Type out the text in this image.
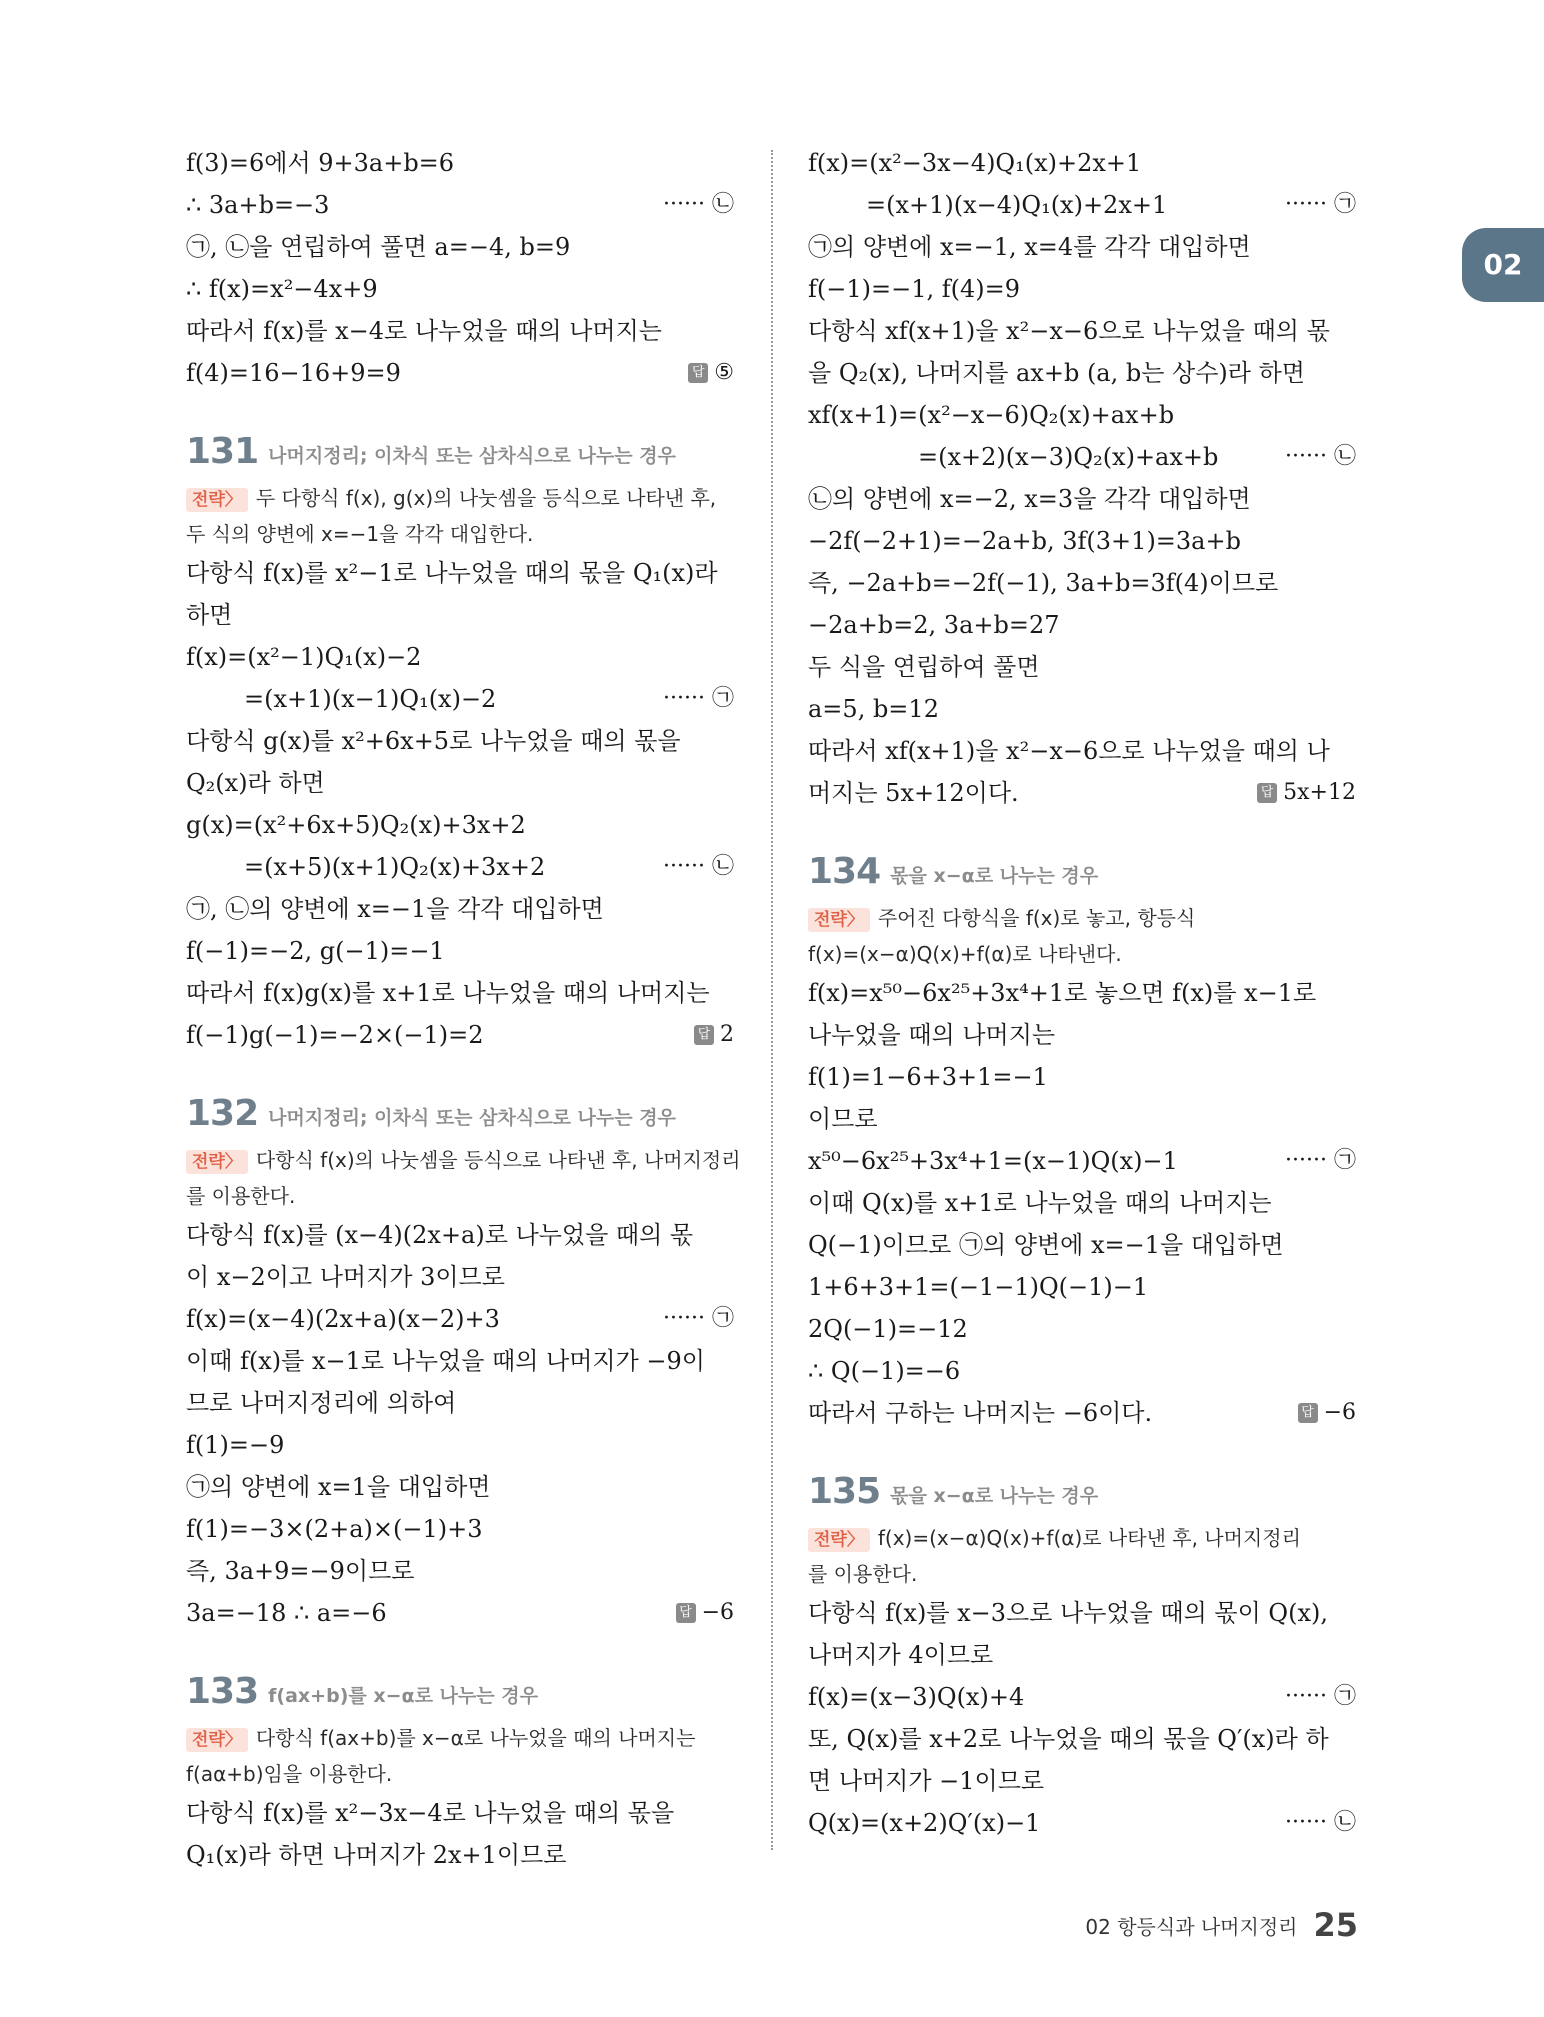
f(3)=6에서 9+3a+b=6
∴ 3a+b=−3	······ ㉡
㉠, ㉡을 연립하여 풀면 a=−4, b=9
∴ f(x)=x²−4x+9
따라서 f(x)를 x−4로 나누었을 때의 나머지는
f(4)=16−16+9=9	답 ⑤
131 나머지정리; 이차식 또는 삼차식으로 나누는 경우
전략〉 두 다항식 f(x), g(x)의 나눗셈을 등식으로 나타낸 후,
두 식의 양변에 x=−1을 각각 대입한다.
다항식 f(x)를 x²−1로 나누었을 때의 몫을 Q₁(x)라
하면
f(x)=(x²−1)Q₁(x)−2
=(x+1)(x−1)Q₁(x)−2	······ ㉠
다항식 g(x)를 x²+6x+5로 나누었을 때의 몫을
Q₂(x)라 하면
g(x)=(x²+6x+5)Q₂(x)+3x+2
=(x+5)(x+1)Q₂(x)+3x+2	······ ㉡
㉠, ㉡의 양변에 x=−1을 각각 대입하면
f(−1)=−2, g(−1)=−1
따라서 f(x)g(x)를 x+1로 나누었을 때의 나머지는
f(−1)g(−1)=−2×(−1)=2	답 2
132 나머지정리; 이차식 또는 삼차식으로 나누는 경우
전략〉 다항식 f(x)의 나눗셈을 등식으로 나타낸 후, 나머지정리
를 이용한다.
다항식 f(x)를 (x−4)(2x+a)로 나누었을 때의 몫
이 x−2이고 나머지가 3이므로
f(x)=(x−4)(2x+a)(x−2)+3	······ ㉠
이때 f(x)를 x−1로 나누었을 때의 나머지가 −9이
므로 나머지정리에 의하여
f(1)=−9
㉠의 양변에 x=1을 대입하면
f(1)=−3×(2+a)×(−1)+3
즉, 3a+9=−9이므로
3a=−18 ∴ a=−6	답 −6
133 f(ax+b)를 x−α로 나누는 경우
전략〉 다항식 f(ax+b)를 x−α로 나누었을 때의 나머지는
f(aα+b)임을 이용한다.
다항식 f(x)를 x²−3x−4로 나누었을 때의 몫을
Q₁(x)라 하면 나머지가 2x+1이므로
f(x)=(x²−3x−4)Q₁(x)+2x+1
=(x+1)(x−4)Q₁(x)+2x+1	······ ㉠
㉠의 양변에 x=−1, x=4를 각각 대입하면
f(−1)=−1, f(4)=9
다항식 xf(x+1)을 x²−x−6으로 나누었을 때의 몫
을 Q₂(x), 나머지를 ax+b (a, b는 상수)라 하면
xf(x+1)=(x²−x−6)Q₂(x)+ax+b
=(x+2)(x−3)Q₂(x)+ax+b	······ ㉡
㉡의 양변에 x=−2, x=3을 각각 대입하면
−2f(−2+1)=−2a+b, 3f(3+1)=3a+b
즉, −2a+b=−2f(−1), 3a+b=3f(4)이므로
−2a+b=2, 3a+b=27
두 식을 연립하여 풀면
a=5, b=12
따라서 xf(x+1)을 x²−x−6으로 나누었을 때의 나
머지는 5x+12이다.	답 5x+12
134 몫을 x−α로 나누는 경우
전략〉 주어진 다항식을 f(x)로 놓고, 항등식
f(x)=(x−α)Q(x)+f(α)로 나타낸다.
f(x)=x⁵⁰−6x²⁵+3x⁴+1로 놓으면 f(x)를 x−1로
나누었을 때의 나머지는
f(1)=1−6+3+1=−1
이므로
x⁵⁰−6x²⁵+3x⁴+1=(x−1)Q(x)−1	······ ㉠
이때 Q(x)를 x+1로 나누었을 때의 나머지는
Q(−1)이므로 ㉠의 양변에 x=−1을 대입하면
1+6+3+1=(−1−1)Q(−1)−1
2Q(−1)=−12
∴ Q(−1)=−6
따라서 구하는 나머지는 −6이다.	답 −6
135 몫을 x−α로 나누는 경우
전략〉 f(x)=(x−α)Q(x)+f(α)로 나타낸 후, 나머지정리
를 이용한다.
다항식 f(x)를 x−3으로 나누었을 때의 몫이 Q(x),
나머지가 4이므로
f(x)=(x−3)Q(x)+4	······ ㉠
또, Q(x)를 x+2로 나누었을 때의 몫을 Q′(x)라 하
면 나머지가 −1이므로
Q(x)=(x+2)Q′(x)−1	······ ㉡
02
02 항등식과 나머지정리 25
